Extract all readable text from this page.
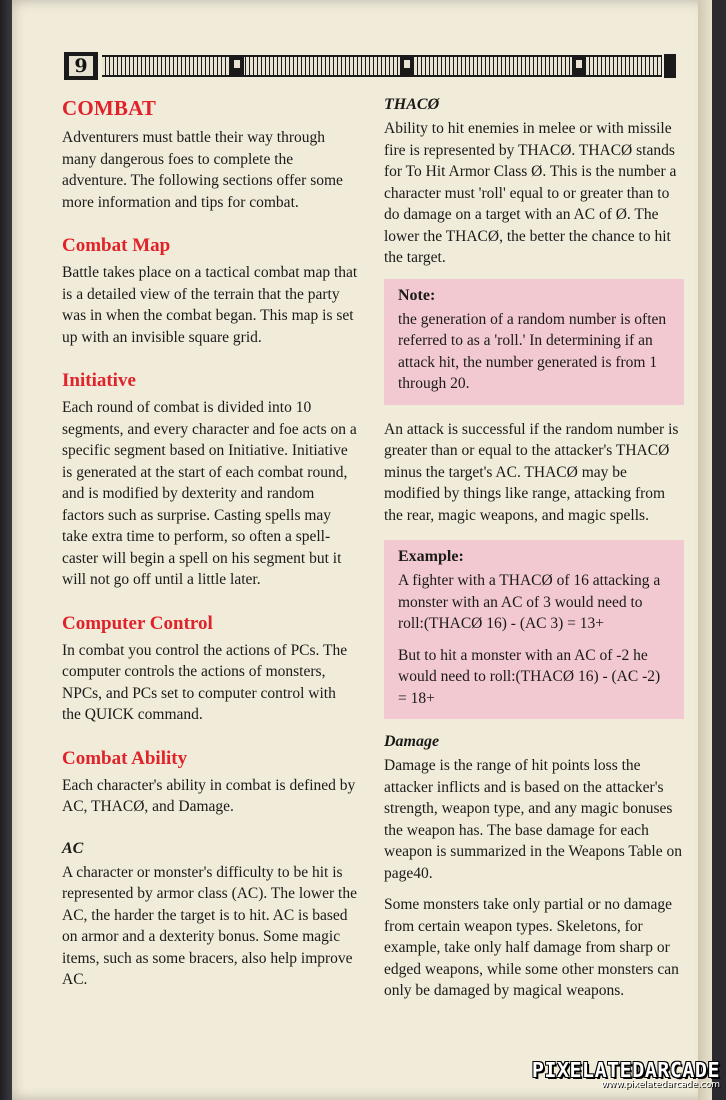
9
COMBAT

Adventurers must battle their way through many dangerous foes to complete the adventure. The following sections offer some more information and tips for combat.

Combat Map

Battle takes place on a tactical combat map that is a detailed view of the terrain that the party was in when the combat began. This map is set up with an invisible square grid.

Initiative

Each round of combat is divided into 10 segments, and every character and foe acts on a specific segment based on Initiative. Initiative is generated at the start of each combat round, and is modified by dexterity and random factors such as surprise. Casting spells may take extra time to perform, so often a spell-caster will begin a spell on his segment but it will not go off until a little later.

Computer Control

In combat you control the actions of PCs. The computer controls the actions of monsters, NPCs, and PCs set to computer control with the QUICK command.

Combat Ability

Each character's ability in combat is defined by AC, THACØ, and Damage.

AC

A character or monster's difficulty to be hit is represented by armor class (AC). The lower the AC, the harder the target is to hit. AC is based on armor and a dexterity bonus. Some magic items, such as some bracers, also help improve AC.

THACØ

Ability to hit enemies in melee or with missile fire is represented by THACØ. THACØ stands for To Hit Armor Class Ø. This is the number a character must 'roll' equal to or greater than to do damage on a target with an AC of Ø. The lower the THACØ, the better the chance to hit the target.

Note:

the generation of a random number is often referred to as a 'roll.' In determining if an attack hit, the number generated is from 1 through 20.

An attack is successful if the random number is greater than or equal to the attacker's THACØ minus the target's AC. THACØ may be modified by things like range, attacking from the rear, magic weapons, and magic spells.

Example:

A fighter with a THACØ of 16 attacking a monster with an AC of 3 would need to roll:(THACØ 16) - (AC 3) = 13+

But to hit a monster with an AC of -2 he would need to roll:(THACØ 16) - (AC -2) = 18+

Damage

Damage is the range of hit points loss the attacker inflicts and is based on the attacker's strength, weapon type, and any magic bonuses the weapon has. The base damage for each weapon is summarized in the Weapons Table on page40.

Some monsters take only partial or no damage from certain weapon types. Skeletons, for example, take only half damage from sharp or edged weapons, while some other monsters can only be damaged by magical weapons.

PIXELATEDARCADE
www.pixelatedarcade.com
